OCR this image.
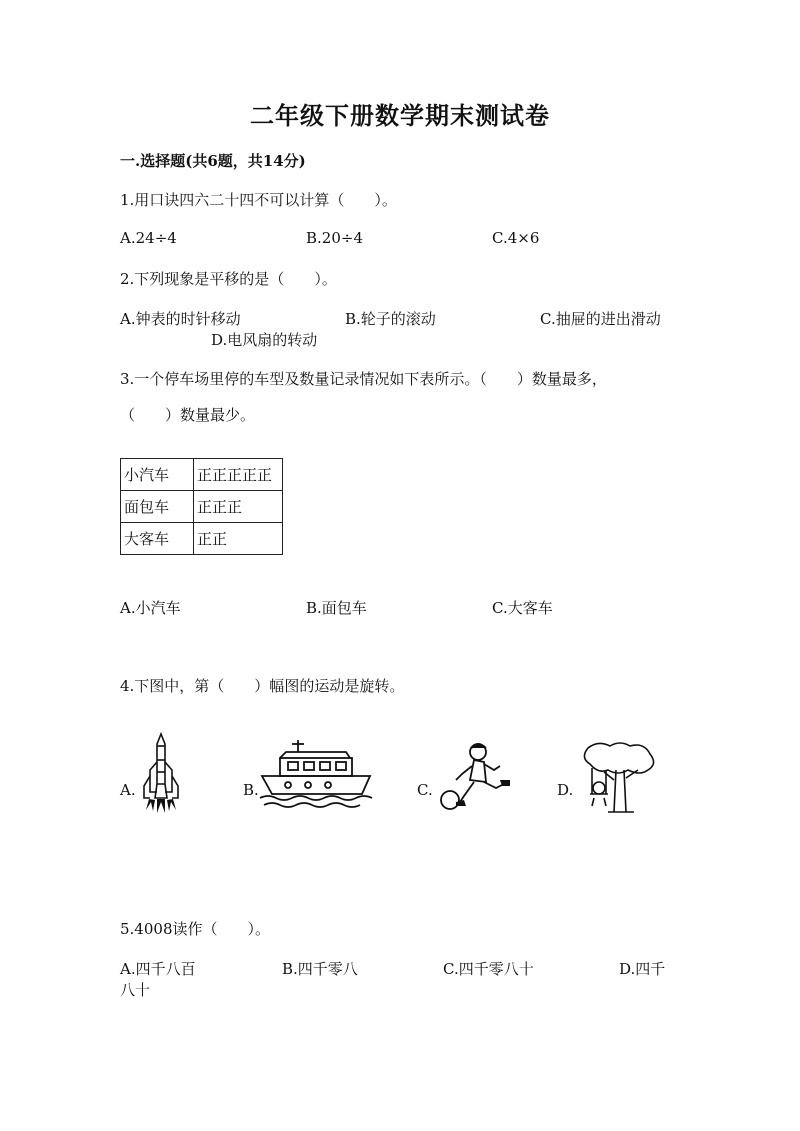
二年级下册数学期末测试卷
一.选择题(共6题，共14分)
1.用口诀四六二十四不可以计算（　　）。
A.24÷4	B.20÷4	C.4×6
2.下列现象是平移的是（　　）。
A.钟表的时针移动	B.轮子的滚动	C.抽屉的进出滑动
D.电风扇的转动
3.一个停车场里停的车型及数量记录情况如下表所示。（　　）数量最多，
（　　）数量最少。
小汽车	正正正正正
面包车	正正正
大客车	正正
A.小汽车	B.面包车	C.大客车
4.下图中，第（　　）幅图的运动是旋转。
A.	B.	C.	D.
5.4008读作（　　）。
A.四千八百	B.四千零八	C.四千零八十	D.四千
八十
